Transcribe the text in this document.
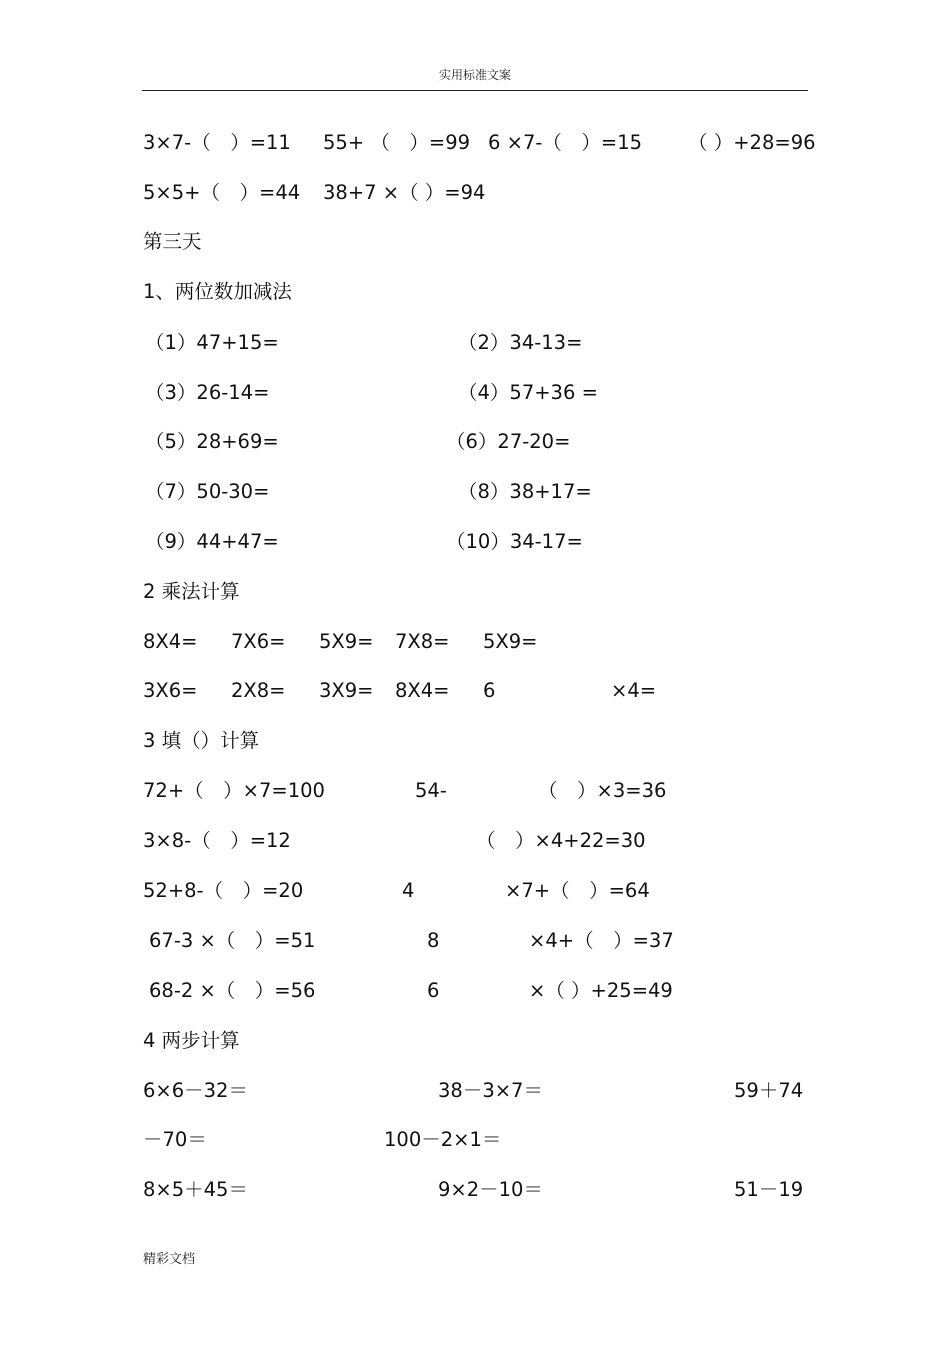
实用标准文案
3×7-（　）=11 55+ （　）=99 6 ×7-（　）=15 （ ）+28=96
5×5+（　）=44 38+7 ×（ ）=94
第三天
1、两位数加减法
（1）47+15=	（2）34-13=
（3）26-14=	（4）57+36 =
（5）28+69=	（6）27-20=
（7）50-30=	（8）38+17=
（9）44+47=	（10）34-17=
2 乘法计算
8X4= 7X6= 5X9= 7X8= 5X9=
3X6= 2X8= 3X9= 8X4= 6	×4=
3 填（）计算
72+（　）×7=100	54-	（　）×3=36
3×8-（　）=12	（　）×4+22=30
52+8-（　）=20	4	×7+（　）=64
67-3 ×（　）=51	8	×4+（　）=37
68-2 ×（　）=56	6	×（ ）+25=49
4 两步计算
6×6－32＝	38－3×7＝	59＋74
－70＝	100－2×1＝
8×5＋45＝	9×2－10＝	51－19
精彩文档
